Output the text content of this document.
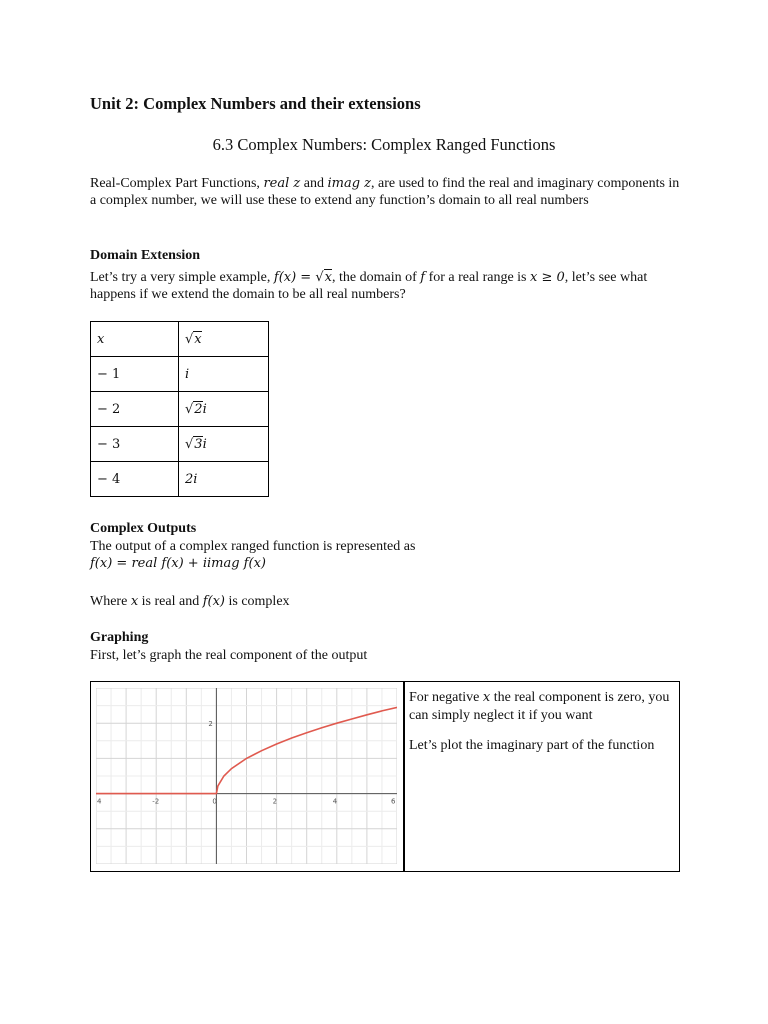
Unit 2: Complex Numbers and their extensions
6.3 Complex Numbers: Complex Ranged Functions
Real-Complex Part Functions, real z and imag z, are used to find the real and imaginary components in a complex number, we will use these to extend any function’s domain to all real numbers
Domain Extension
Let’s try a very simple example, f(x) = √x, the domain of f for a real range is x ≥ 0, let’s see what happens if we extend the domain to be all real numbers?
x	√x
− 1	i
− 2	√2i
− 3	√3i
− 4	2i
Complex Outputs
The output of a complex ranged function is represented as
f(x) = real f(x) + iimag f(x)
Where x is real and f(x) is complex
Graphing
First, let’s graph the real component of the output
4	-2	0	2	4	6
2

For negative x the real component is zero, you can simply neglect it if you want

Let’s plot the imaginary part of the function
